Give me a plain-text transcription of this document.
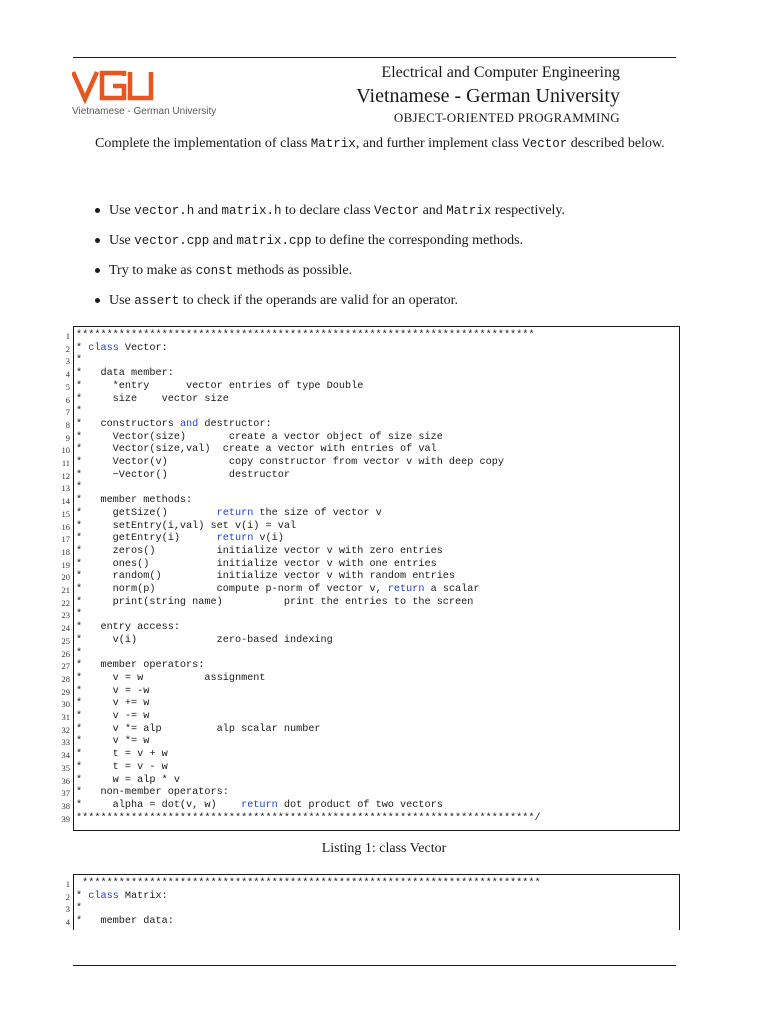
Vietnamese - German University
Electrical and Computer Engineering
Vietnamese - German University
OBJECT-ORIENTED PROGRAMMING

Complete the implementation of class Matrix, and further implement class Vector described below.

Use vector.h and matrix.h to declare class Vector and Matrix respectively.
Use vector.cpp and matrix.cpp to define the corresponding methods.
Try to make as const methods as possible.
Use assert to check if the operands are valid for an operator.
1 ***************************************************************************
2 * class Vector:
3 *
4 *   data member:
5 *     *entry      vector entries of type Double
6 *     size    vector size
7 *
8 *   constructors and destructor:
9 *     Vector(size)       create a vector object of size size
10 *     Vector(size,val)  create a vector with entries of val
11 *     Vector(v)          copy constructor from vector v with deep copy
12 *     ~Vector()          destructor
13 *
14 *   member methods:
15 *     getSize()        return the size of vector v
16 *     setEntry(i,val) set v(i) = val
17 *     getEntry(i)      return v(i)
18 *     zeros()          initialize vector v with zero entries
19 *     ones()           initialize vector v with one entries
20 *     random()         initialize vector v with random entries
21 *     norm(p)          compute p-norm of vector v, return a scalar
22 *     print(string name)          print the entries to the screen
23 *
24 *   entry access:
25 *     v(i)             zero-based indexing
26 *
27 *   member operators:
28 *     v = w          assignment
29 *     v = -w
30 *     v += w
31 *     v -= w
32 *     v *= alp         alp scalar number
33 *     v *= w
34 *     t = v + w
35 *     t = v - w
36 *     w = alp * v
37 *   non-member operators:
38 *     alpha = dot(v, w)    return dot product of two vectors
39 ***************************************************************************/
Listing 1: class Vector
1 ***************************************************************************
2 * class Matrix:
3 *
4 *   member data:
